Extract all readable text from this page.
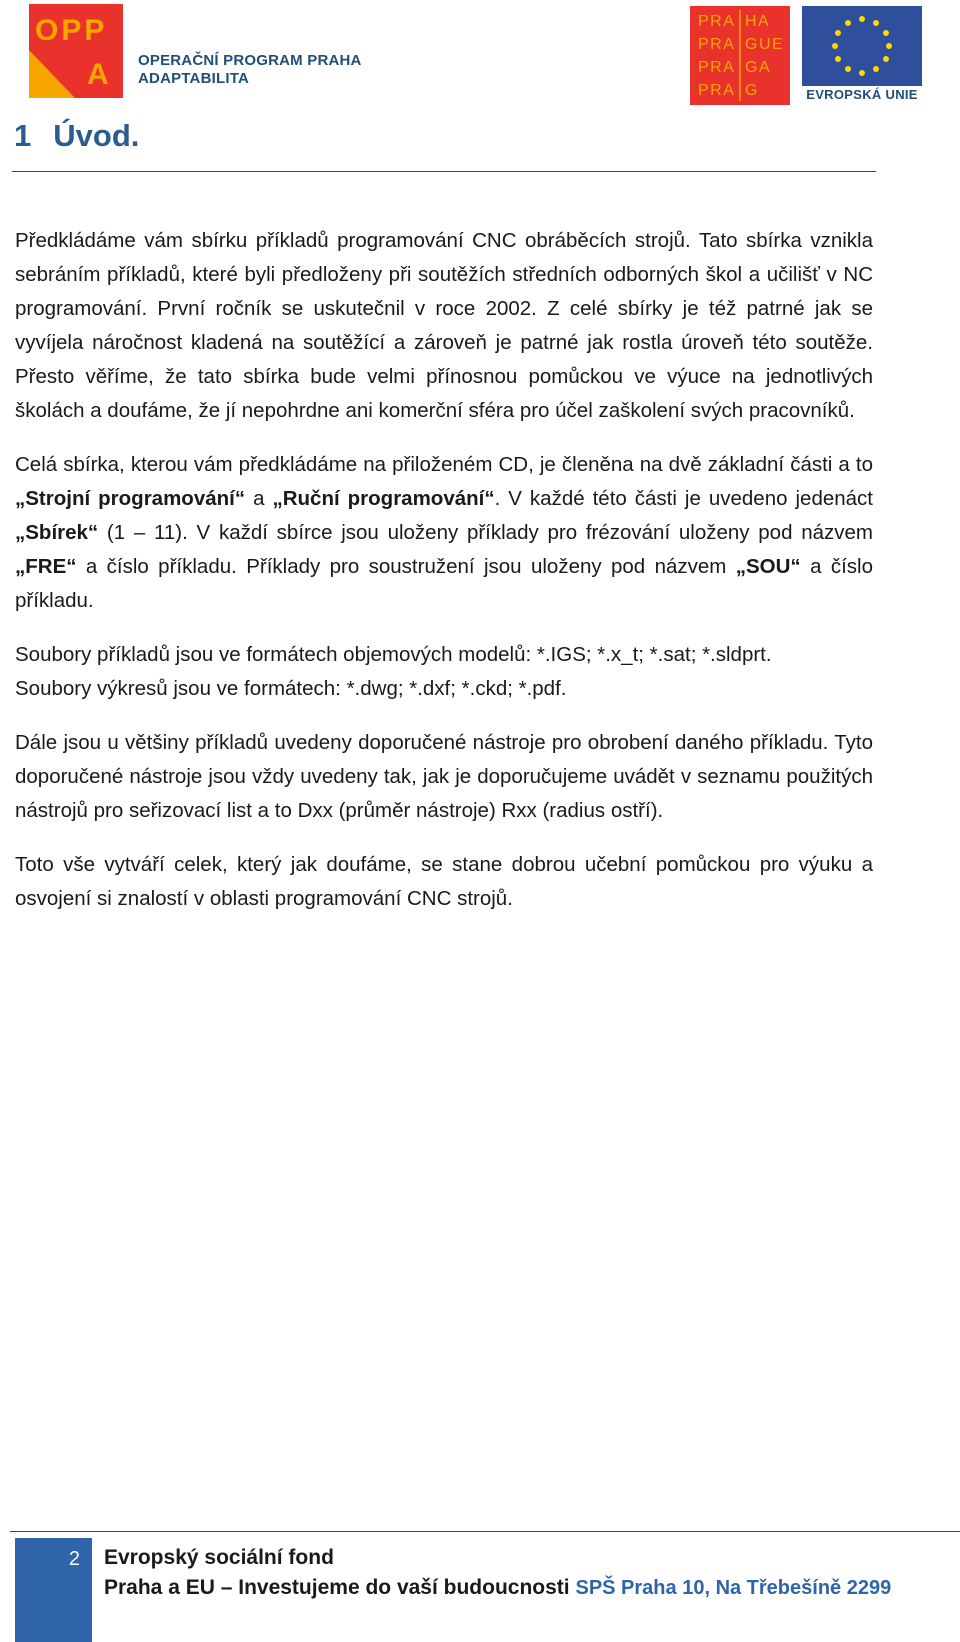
OPP
A OPERAČNÍ PROGRAM PRAHA
ADAPTABILITA
PRA HA
PRA GUE
PRA GA
PRA G	EVROPSKÁ UNIE
1 Úvod.

Předkládáme vám sbírku příkladů programování CNC obráběcích strojů. Tato sbírka vznikla sebráním příkladů, které byli předloženy při soutěžích středních odborných škol a učilišť v NC programování. První ročník se uskutečnil v roce 2002. Z celé sbírky je též patrné jak se vyvíjela náročnost kladená na soutěžící a zároveň je patrné jak rostla úroveň této soutěže. Přesto věříme, že tato sbírka bude velmi přínosnou pomůckou ve výuce na jednotlivých školách a doufáme, že jí nepohrdne ani komerční sféra pro účel zaškolení svých pracovníků.

Celá sbírka, kterou vám předkládáme na přiloženém CD, je členěna na dvě základní části a to „Strojní programování“ a „Ruční programování“. V každé této části je uvedeno jedenáct „Sbírek“ (1 – 11). V každí sbírce jsou uloženy příklady pro frézování uloženy pod názvem „FRE“ a číslo příkladu. Příklady pro soustružení jsou uloženy pod názvem „SOU“ a číslo příkladu.

Soubory příkladů jsou ve formátech objemových modelů: *.IGS; *.x_t; *.sat; *.sldprt.
Soubory výkresů jsou ve formátech: *.dwg; *.dxf; *.ckd; *.pdf.

Dále jsou u většiny příkladů uvedeny doporučené nástroje pro obrobení daného příkladu. Tyto doporučené nástroje jsou vždy uvedeny tak, jak je doporučujeme uvádět v seznamu použitých nástrojů pro seřizovací list a to Dxx (průměr nástroje) Rxx (radius ostří).

Toto vše vytváří celek, který jak doufáme, se stane dobrou učební pomůckou pro výuku a osvojení si znalostí v oblasti programování CNC strojů.

2 Evropský sociální fond
Praha a EU – Investujeme do vaší budoucnosti SPŠ Praha 10, Na Třebešíně 2299
